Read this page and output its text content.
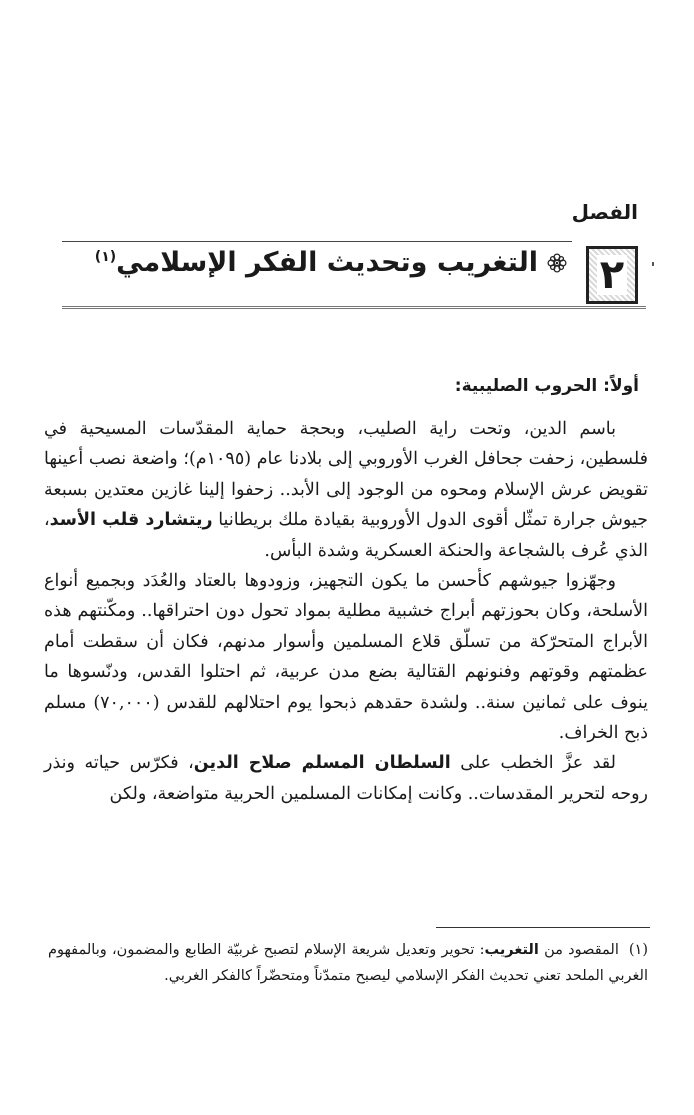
الفصل
٢
التغريب وتحديث الفكر الإسلامي$^{(١)}$
أولاً: الحروب الصليبية:

باسم الدين، وتحت راية الصليب، وبحجة حماية المقدّسات المسيحية في فلسطين، زحفت جحافل الغرب الأوروبي إلى بلادنا عام (١٠٩٥م)؛ واضعة نصب أعينها تقويض عرش الإسلام ومحوه من الوجود إلى الأبد.. زحفوا إلينا غازين معتدين بسبعة جيوش جرارة تمثّل أقوى الدول الأوروبية بقيادة ملك بريطانيا ريتشارد قلب الأسد، الذي عُرف بالشجاعة والحنكة العسكرية وشدة البأس.

وجهّزوا جيوشهم كأحسن ما يكون التجهيز، وزودوها بالعتاد والعُدَد وبجميع أنواع الأسلحة، وكان بحوزتهم أبراج خشبية مطلية بمواد تحول دون احتراقها.. ومكّنتهم هذه الأبراج المتحرّكة من تسلّق قلاع المسلمين وأسوار مدنهم، فكان أن سقطت أمام عظمتهم وقوتهم وفنونهم القتالية بضع مدن عربية، ثم احتلوا القدس، ودنّسوها ما ينوف على ثمانين سنة.. ولشدة حقدهم ذبحوا يوم احتلالهم للقدس (٧٠,٠٠٠) مسلم ذبح الخراف.

لقد عزَّ الخطب على السلطان المسلم صلاح الدين، فكرّس حياته ونذر روحه لتحرير المقدسات.. وكانت إمكانات المسلمين الحربية متواضعة، ولكن

(١)المقصود من التغريب: تحوير وتعديل شريعة الإسلام لتصبح غربيّة الطابع والمضمون، وبالمفهوم الغربي الملحد تعني تحديث الفكر الإسلامي ليصبح متمدّناً ومتحضّراً كالفكر الغربي.
